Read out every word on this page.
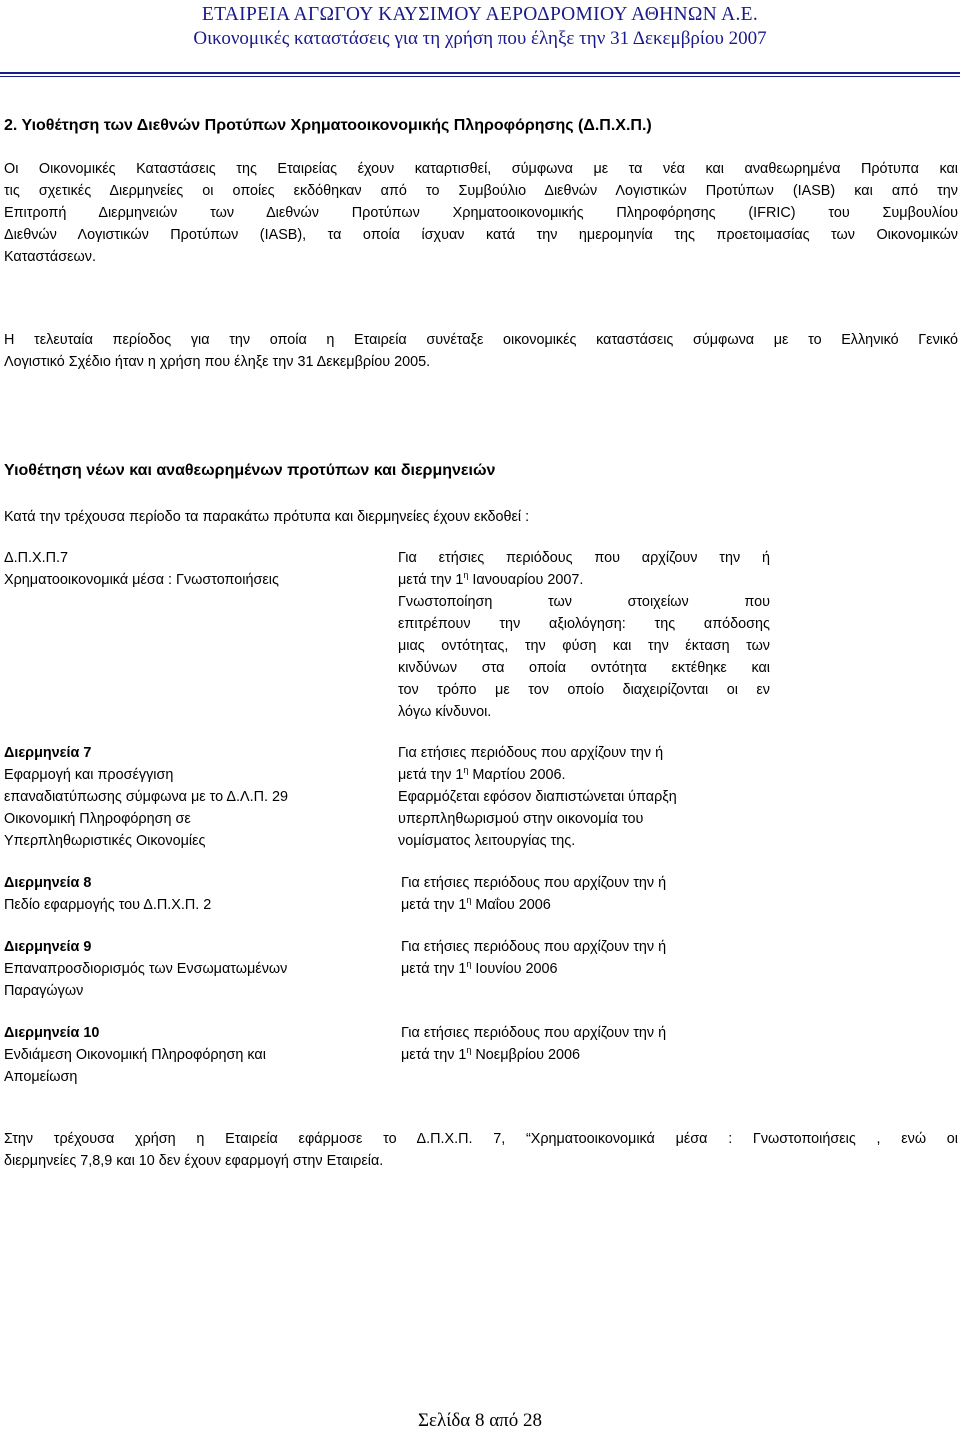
ΕΤΑΙΡΕΙΑ ΑΓΩΓΟΥ ΚΑΥΣΙΜΟΥ ΑΕΡΟΔΡΟΜΙΟΥ ΑΘΗΝΩΝ Α.Ε.
Οικονομικές καταστάσεις για τη χρήση που έληξε την 31 Δεκεμβρίου 2007
2. Υιοθέτηση των Διεθνών Προτύπων Χρηματοοικονομικής Πληροφόρησης (Δ.Π.Χ.Π.)
Οι Οικονομικές Καταστάσεις της Εταιρείας έχουν καταρτισθεί, σύμφωνα με τα νέα και αναθεωρημένα Πρότυπα και
τις σχετικές Διερμηνείες οι οποίες εκδόθηκαν από το Συμβούλιο Διεθνών Λογιστικών Προτύπων (IASB) και από την
Επιτροπή Διερμηνειών των Διεθνών Προτύπων Χρηματοοικονομικής Πληροφόρησης (IFRIC) του Συμβουλίου
Διεθνών Λογιστικών Προτύπων (IASB), τα οποία ίσχυαν κατά την ημερομηνία της προετοιμασίας των Οικονομικών
Καταστάσεων.
Η τελευταία περίοδος για την οποία η Εταιρεία συνέταξε οικονομικές καταστάσεις σύμφωνα με το Ελληνικό Γενικό
Λογιστικό Σχέδιο ήταν η χρήση που έληξε την 31 Δεκεμβρίου 2005.
Υιοθέτηση νέων και αναθεωρημένων προτύπων και διερμηνειών
Κατά την τρέχουσα περίοδο τα παρακάτω πρότυπα και διερμηνείες έχουν εκδοθεί :
Δ.Π.Χ.Π.7
Χρηματοοικονομικά μέσα : Γνωστοποιήσεις
Για ετήσιες περιόδους που αρχίζουν την ή
μετά την $1^\eta$ Ιανουαρίου 2007.
Γνωστοποίηση των στοιχείων που
επιτρέπουν την αξιολόγηση: της απόδοσης
μιας οντότητας, την φύση και την έκταση των
κινδύνων στα οποία οντότητα εκτέθηκε και
τον τρόπο με τον οποίο διαχειρίζονται οι εν
λόγω κίνδυνοι.
Διερμηνεία 7
Εφαρμογή και προσέγγιση
επαναδιατύπωσης σύμφωνα με το Δ.Λ.Π. 29
Οικονομική Πληροφόρηση σε
Υπερπληθωριστικές Οικονομίες
Για ετήσιες περιόδους που αρχίζουν την ή
μετά την $1^\eta$ Μαρτίου 2006.
Εφαρμόζεται εφόσον διαπιστώνεται ύπαρξη
υπερπληθωρισμού στην οικονομία του
νομίσματος λειτουργίας της.
Διερμηνεία 8
Πεδίο εφαρμογής του Δ.Π.Χ.Π. 2
Για ετήσιες περιόδους που αρχίζουν την ή
μετά την $1^\eta$ Μαΐου 2006
Διερμηνεία 9
Επαναπροσδιορισμός των Ενσωματωμένων
Παραγώγων
Για ετήσιες περιόδους που αρχίζουν την ή
μετά την $1^\eta$ Ιουνίου 2006
Διερμηνεία 10
Ενδιάμεση Οικονομική Πληροφόρηση και
Απομείωση
Για ετήσιες περιόδους που αρχίζουν την ή
μετά την $1^\eta$ Νοεμβρίου 2006
Στην τρέχουσα χρήση η Εταιρεία εφάρμοσε το Δ.Π.Χ.Π. 7, “Χρηματοοικονομικά μέσα : Γνωστοποιήσεις , ενώ οι
διερμηνείες 7,8,9 και 10 δεν έχουν εφαρμογή στην Εταιρεία.
Σελίδα 8 από 28
